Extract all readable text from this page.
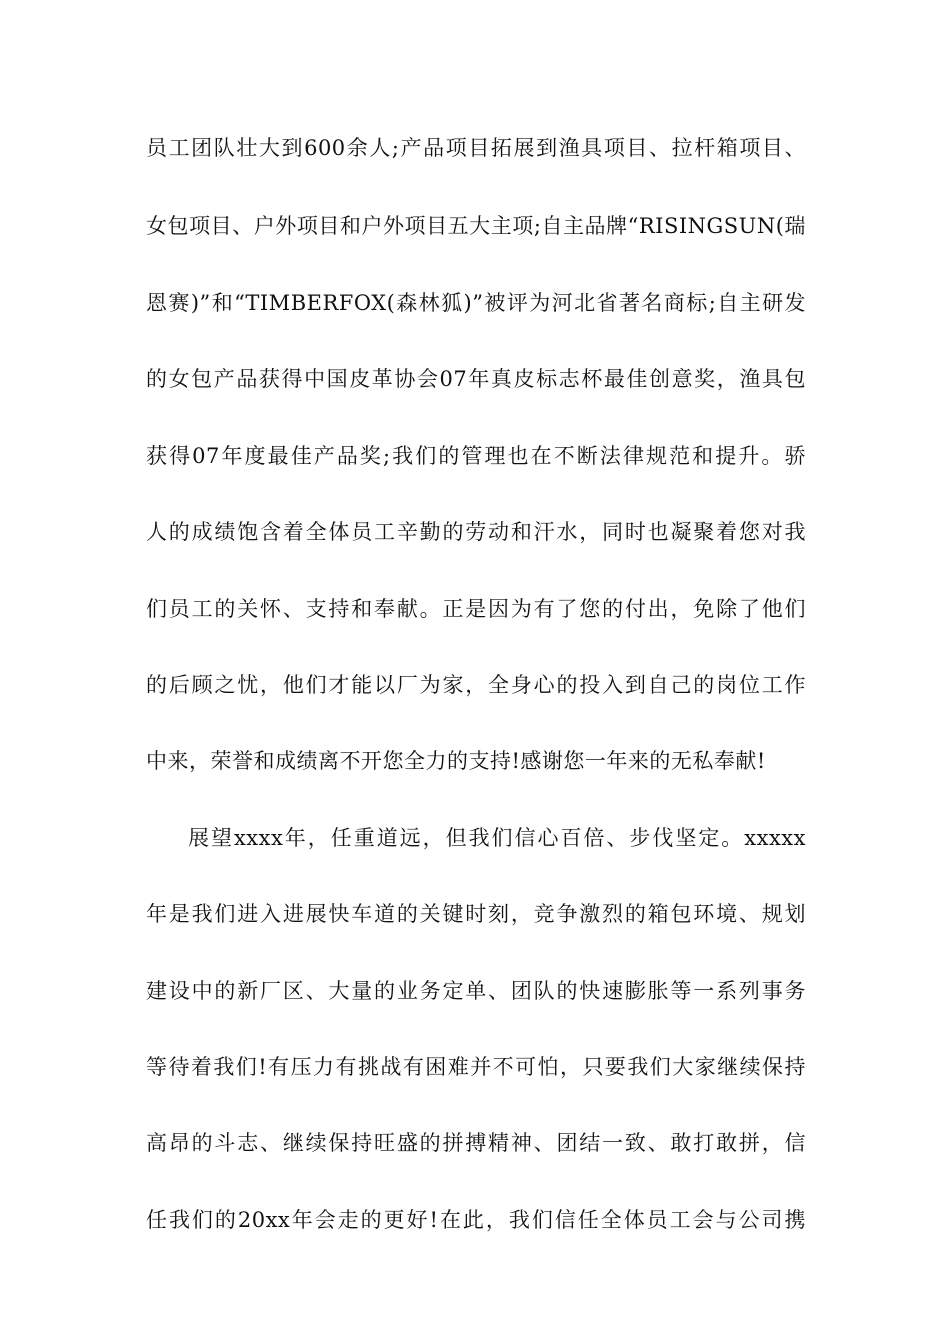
员工团队壮大到600余人;产品项目拓展到渔具项目、拉杆箱项目、
女包项目、户外项目和户外项目五大主项;自主品牌“RISINGSUN(瑞
恩赛)”和“TIMBERFOX(森林狐)”被评为河北省著名商标;自主研发
的女包产品获得中国皮革协会07年真皮标志杯最佳创意奖，渔具包
获得07年度最佳产品奖;我们的管理也在不断法律规范和提升。骄
人的成绩饱含着全体员工辛勤的劳动和汗水，同时也凝聚着您对我
们员工的关怀、支持和奉献。正是因为有了您的付出，免除了他们
的后顾之忧，他们才能以厂为家，全身心的投入到自己的岗位工作
中来，荣誉和成绩离不开您全力的支持!感谢您一年来的无私奉献!
展望xxxx年，任重道远，但我们信心百倍、步伐坚定。xxxxx
年是我们进入进展快车道的关键时刻，竞争激烈的箱包环境、规划
建设中的新厂区、大量的业务定单、团队的快速膨胀等一系列事务
等待着我们!有压力有挑战有困难并不可怕，只要我们大家继续保持
高昂的斗志、继续保持旺盛的拼搏精神、团结一致、敢打敢拼，信
任我们的20xx年会走的更好!在此，我们信任全体员工会与公司携
